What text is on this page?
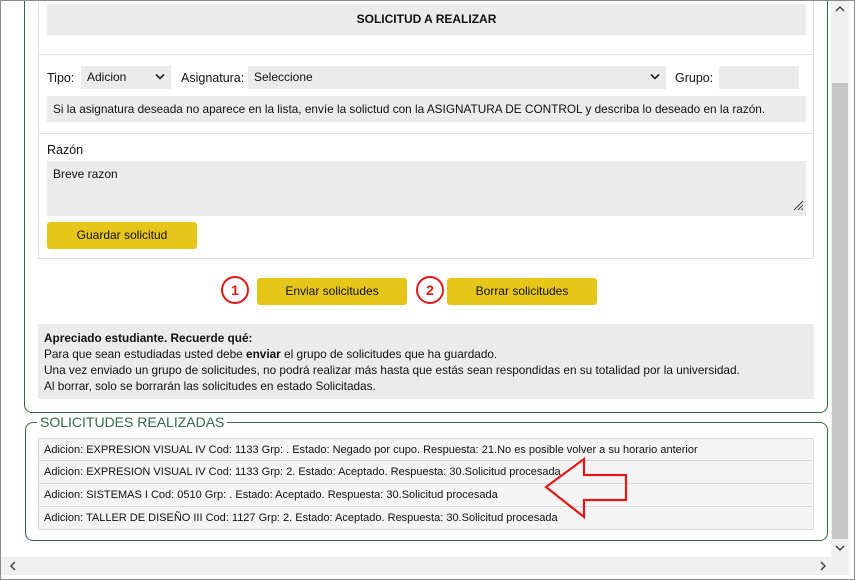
SOLICITUD A REALIZAR
Tipo:	Adicion	Asignatura: Seleccione	Grupo:
Si la asignatura deseada no aparece en la lista, envíe la solictud con la ASIGNATURA DE CONTROL y describa lo deseado en la razón.
Razón
Breve razon
Guardar solicitud
1	Enviar solicitudes	2	Borrar solicitudes
Apreciado estudiante. Recuerde qué:
Para que sean estudiadas usted debe enviar el grupo de solicitudes que ha guardado.
Una vez enviado un grupo de solicitudes, no podrá realizar más hasta que estás sean respondidas en su totalidad por la universidad.
Al borrar, solo se borrarán las solicitudes en estado Solicitadas.
SOLICITUDES REALIZADAS
Adicion: EXPRESION VISUAL IV Cod: 1133 Grp: . Estado: Negado por cupo. Respuesta: 21.No es posible volver a su horario anterior
Adicion: EXPRESION VISUAL IV Cod: 1133 Grp: 2. Estado: Aceptado. Respuesta: 30.Solicitud procesada
Adicion: SISTEMAS I Cod: 0510 Grp: . Estado: Aceptado. Respuesta: 30.Solicitud procesada
Adicion: TALLER DE DISEÑO III Cod: 1127 Grp: 2. Estado: Aceptado. Respuesta: 30.Solicitud procesada
